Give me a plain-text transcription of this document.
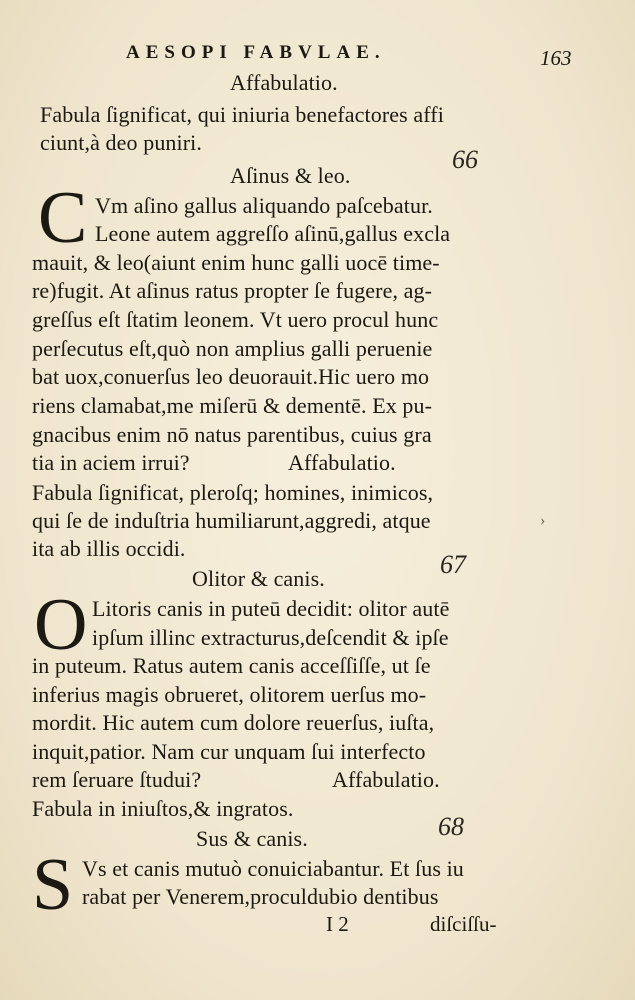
AESOPI FABVLAE.	163
Affabulatio.
Fabula ſignificat, qui iniuria benefactores affi
ciunt,à deo puniri.
Aſinus & leo.
66
C Vm aſino gallus aliquando paſcebatur.
Leone autem aggreſſo aſinū,gallus excla
mauit, & leo(aiunt enim hunc galli uocē time-
re)fugit. At aſinus ratus propter ſe fugere, ag-
greſſus eſt ſtatim leonem. Vt uero procul hunc
perſecutus eſt,quò non amplius galli peruenie
bat uox,conuerſus leo deuorauit.Hic uero mo
riens clamabat,me miſerū & dementē. Ex pu-
gnacibus enim nō natus parentibus, cuius gra
tia in aciem irrui?	Affabulatio.
Fabula ſignificat, pleroſq; homines, inimicos,
qui ſe de induſtria humiliarunt,aggredi, atque
ita ab illis occidi.
›
Olitor & canis.	67
O Litoris canis in puteū decidit: olitor autē
ipſum illinc extracturus,deſcendit & ipſe
in puteum. Ratus autem canis acceſſiſſe, ut ſe
inferius magis obrueret, olitorem uerſus mo-
mordit. Hic autem cum dolore reuerſus, iuſta,
inquit,patior. Nam cur unquam ſui interfecto
rem ſeruare ſtudui?	Affabulatio.
Fabula in iniuſtos,& ingratos.
Sus & canis.	68
S Vs et canis mutuò conuiciabantur. Et ſus iu
rabat per Venerem,proculdubio dentibus
I 2	diſciſſu-
